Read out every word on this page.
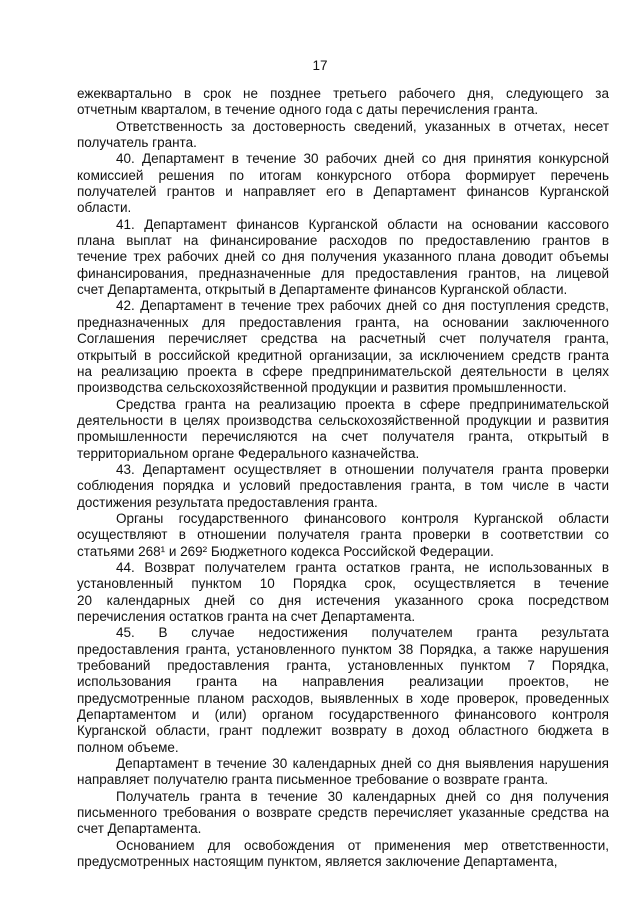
17

ежеквартально в срок не позднее третьего рабочего дня, следующего за

отчетным кварталом, в течение одного года с даты перечисления гранта.

Ответственность за достоверность сведений, указанных в отчетах, несет

получатель гранта.

40. Департамент в течение 30 рабочих дней со дня принятия конкурсной

комиссией решения по итогам конкурсного отбора формирует перечень

получателей грантов и направляет его в Департамент финансов Курганской

области.

41. Департамент финансов Курганской области на основании кассового

плана выплат на финансирование расходов по предоставлению грантов в

течение трех рабочих дней со дня получения указанного плана доводит объемы

финансирования, предназначенные для предоставления грантов, на лицевой

счет Департамента, открытый в Департаменте финансов Курганской области.

42. Департамент в течение трех рабочих дней со дня поступления средств,

предназначенных для предоставления гранта, на основании заключенного

Соглашения перечисляет средства на расчетный счет получателя гранта,

открытый в российской кредитной организации, за исключением средств гранта

на реализацию проекта в сфере предпринимательской деятельности в целях

производства сельскохозяйственной продукции и развития промышленности.

Средства гранта на реализацию проекта в сфере предпринимательской

деятельности в целях производства сельскохозяйственной продукции и развития

промышленности перечисляются на счет получателя гранта, открытый в

территориальном органе Федерального казначейства.

43. Департамент осуществляет в отношении получателя гранта проверки

соблюдения порядка и условий предоставления гранта, в том числе в части

достижения результата предоставления гранта.

Органы государственного финансового контроля Курганской области

осуществляют в отношении получателя гранта проверки в соответствии со

статьями 268¹ и 269² Бюджетного кодекса Российской Федерации.

44. Возврат получателем гранта остатков гранта, не использованных в

установленный пунктом 10 Порядка срок, осуществляется в течение

20 календарных дней со дня истечения указанного срока посредством

перечисления остатков гранта на счет Департамента.

45. В случае недостижения получателем гранта результата

предоставления гранта, установленного пунктом 38 Порядка, а также нарушения

требований предоставления гранта, установленных пунктом 7 Порядка,

использования гранта на направления реализации проектов, не

предусмотренные планом расходов, выявленных в ходе проверок, проведенных

Департаментом и (или) органом государственного финансового контроля

Курганской области, грант подлежит возврату в доход областного бюджета в

полном объеме.

Департамент в течение 30 календарных дней со дня выявления нарушения

направляет получателю гранта письменное требование о возврате гранта.

Получатель гранта в течение 30 календарных дней со дня получения

письменного требования о возврате средств перечисляет указанные средства на

счет Департамента.

Основанием для освобождения от применения мер ответственности,

предусмотренных настоящим пунктом, является заключение Департамента,
